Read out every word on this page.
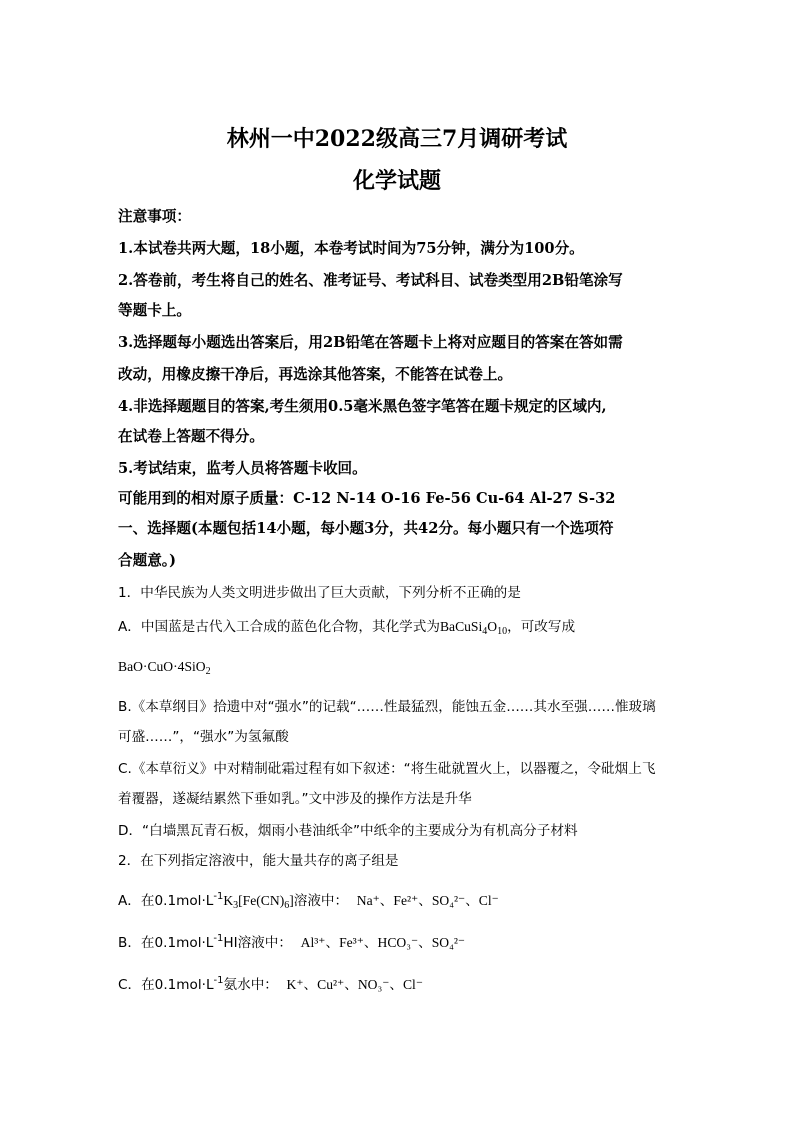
林州一中2022级高三7月调研考试
化学试题
注意事项：
1.本试卷共两大题，18小题，本卷考试时间为75分钟，满分为100分。
2.答卷前，考生将自己的姓名、准考证号、考试科目、试卷类型用2B铅笔涂写
等题卡上。
3.选择题每小题选出答案后，用2B铅笔在答题卡上将对应题目的答案在答如需
改动，用橡皮擦干净后，再选涂其他答案，不能答在试卷上。
4.非选择题题目的答案,考生须用0.5毫米黑色签字笔答在题卡规定的区域内,
在试卷上答题不得分。
5.考试结束，监考人员将答题卡收回。
可能用到的相对原子质量：C-12 N-14 O-16 Fe-56 Cu-64 Al-27 S-32
一、选择题(本题包括14小题，每小题3分，共42分。每小题只有一个选项符
合题意。)
1．中华民族为人类文明进步做出了巨大贡献，下列分析不正确的是
A．中国蓝是古代入工合成的蓝色化合物，其化学式为$BaCuSi_4O_{10}$，可改写成
BaO·CuO·4SiO$_2$
B.《本草纲目》拾遗中对“强水”的记载“……性最猛烈，能蚀五金……其水至强……惟玻璃
可盛……”，“强水”为氢氟酸
C.《本草衍义》中对精制砒霜过程有如下叙述：“将生砒就置火上，以器覆之，令砒烟上飞
着覆器，遂凝结累然下垂如乳。”文中涉及的操作方法是升华
D．“白墙黑瓦青石板，烟雨小巷油纸伞”中纸伞的主要成分为有机高分子材料
2．在下列指定溶液中，能大量共存的离子组是
A．在$0.1mol\cdot L^{-1}K_3[Fe(CN)_6]$溶液中： Na⁺、Fe²⁺、SO₄²⁻、Cl⁻
B．在$0.1mol\cdot L^{-1}HI$溶液中： Al³⁺、Fe³⁺、HCO₃⁻、SO₄²⁻
C．在$0.1mol\cdot L^{-1}$氨水中： K⁺、Cu²⁺、NO₃⁻、Cl⁻
